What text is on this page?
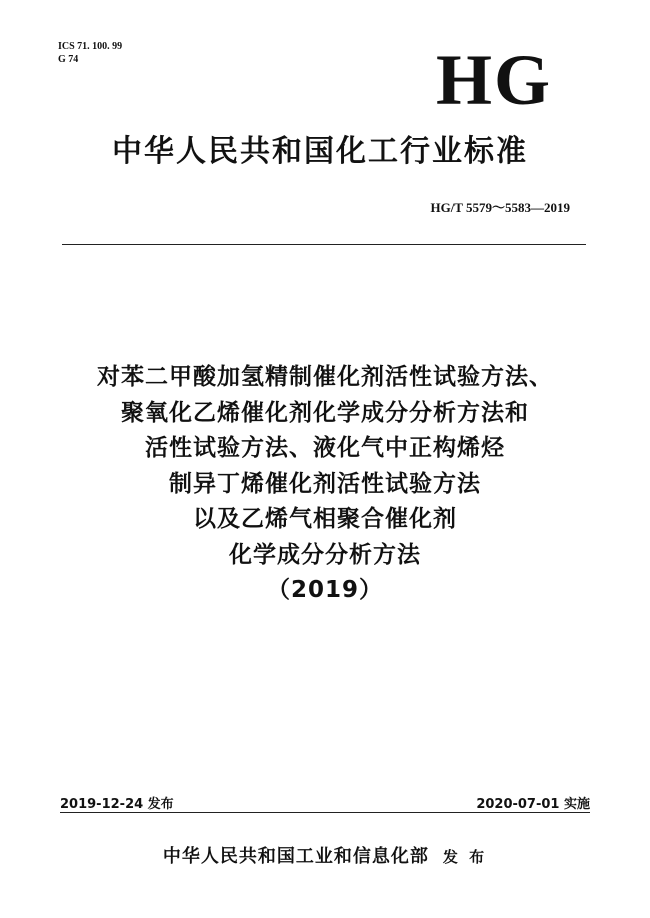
ICS 71. 100. 99
G 74	HG
中华人民共和国化工行业标准
HG/T 5579～5583—2019
对苯二甲酸加氢精制催化剂活性试验方法、
聚氧化乙烯催化剂化学成分分析方法和
活性试验方法、液化气中正构烯烃
制异丁烯催化剂活性试验方法
以及乙烯气相聚合催化剂
化学成分分析方法
（2019）
2019-12-24 发布	2020-07-01 实施
中华人民共和国工业和信息化部 发 布
